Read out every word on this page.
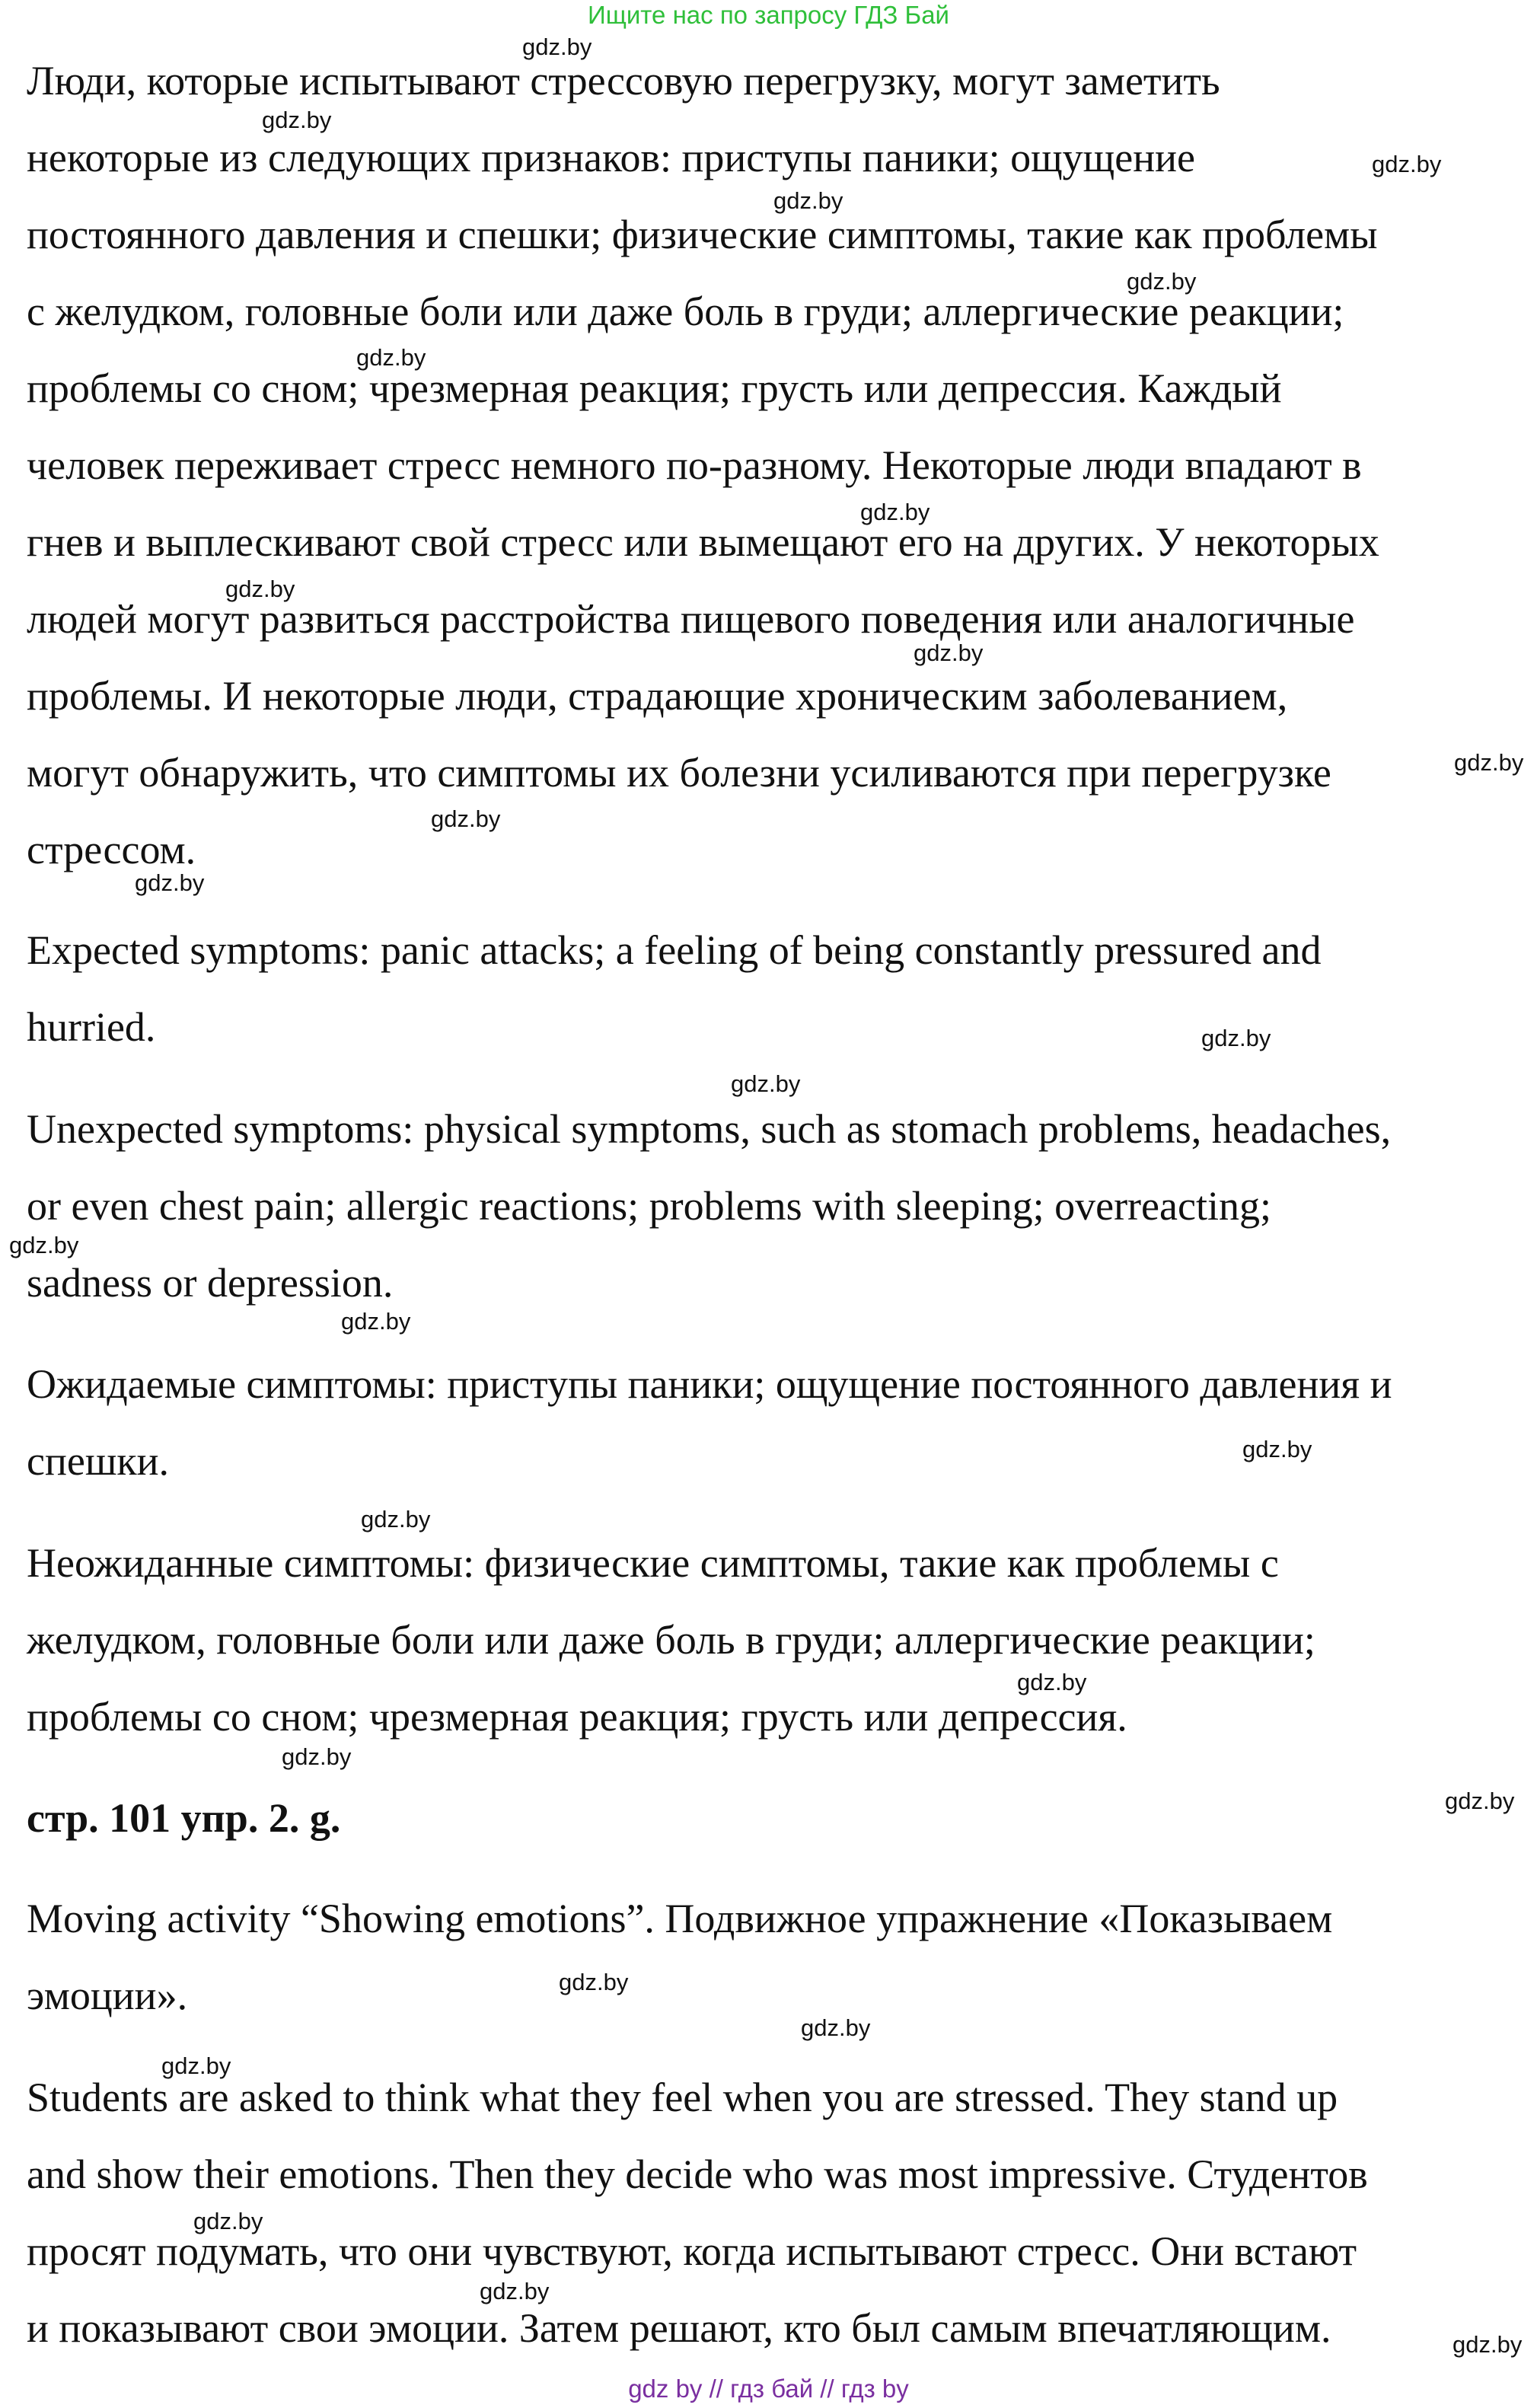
Ищите нас по запросу ГДЗ Бай
Люди, которые испытывают стрессовую перегрузку, могут заметить
некоторые из следующих признаков: приступы паники; ощущение
постоянного давления и спешки; физические симптомы, такие как проблемы
с желудком, головные боли или даже боль в груди; аллергические реакции;
проблемы со сном; чрезмерная реакция; грусть или депрессия. Каждый
человек переживает стресс немного по-разному. Некоторые люди впадают в
гнев и выплескивают свой стресс или вымещают его на других. У некоторых
людей могут развиться расстройства пищевого поведения или аналогичные
проблемы. И некоторые люди, страдающие хроническим заболеванием,
могут обнаружить, что симптомы их болезни усиливаются при перегрузке
стрессом.
Expected symptoms: panic attacks; a feeling of being constantly pressured and
hurried.
Unexpected symptoms: physical symptoms, such as stomach problems, headaches,
or even chest pain; allergic reactions; problems with sleeping; overreacting;
sadness or depression.
Ожидаемые симптомы: приступы паники; ощущение постоянного давления и
спешки.
Неожиданные симптомы: физические симптомы, такие как проблемы с
желудком, головные боли или даже боль в груди; аллергические реакции;
проблемы со сном; чрезмерная реакция; грусть или депрессия.
стр. 101 упр. 2. g.
Moving activity “Showing emotions”. Подвижное упражнение «Показываем
эмоции».
Students are asked to think what they feel when you are stressed. They stand up
and show their emotions. Then they decide who was most impressive. Студентов
просят подумать, что они чувствуют, когда испытывают стресс. Они встают
и показывают свои эмоции. Затем решают, кто был самым впечатляющим.
gdz.by
gdz.by
gdz.by
gdz.by
gdz.by
gdz.by
gdz.by
gdz.by
gdz.by
gdz.by
gdz.by
gdz.by
gdz.by
gdz.by
gdz.by
gdz.by
gdz.by
gdz.by
gdz.by
gdz.by
gdz.by
gdz.by
gdz.by
gdz.by
gdz.by
gdz.by
gdz.by
gdz by // гдз бай // гдз by
